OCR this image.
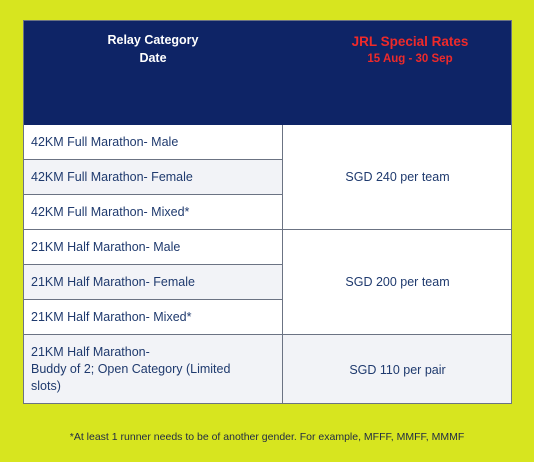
Relay Category
Date
JRL Special Rates
15 Aug - 30 Sep
42KM Full Marathon- Male
42KM Full Marathon- Female
42KM Full Marathon- Mixed*
21KM Half Marathon- Male
21KM Half Marathon- Female
21KM Half Marathon- Mixed*
21KM Half Marathon-
Buddy of 2; Open Category (Limited
slots)
SGD 240 per team
SGD 200 per team
SGD 110 per pair
*At least 1 runner needs to be of another gender. For example, MFFF, MMFF, MMMF
